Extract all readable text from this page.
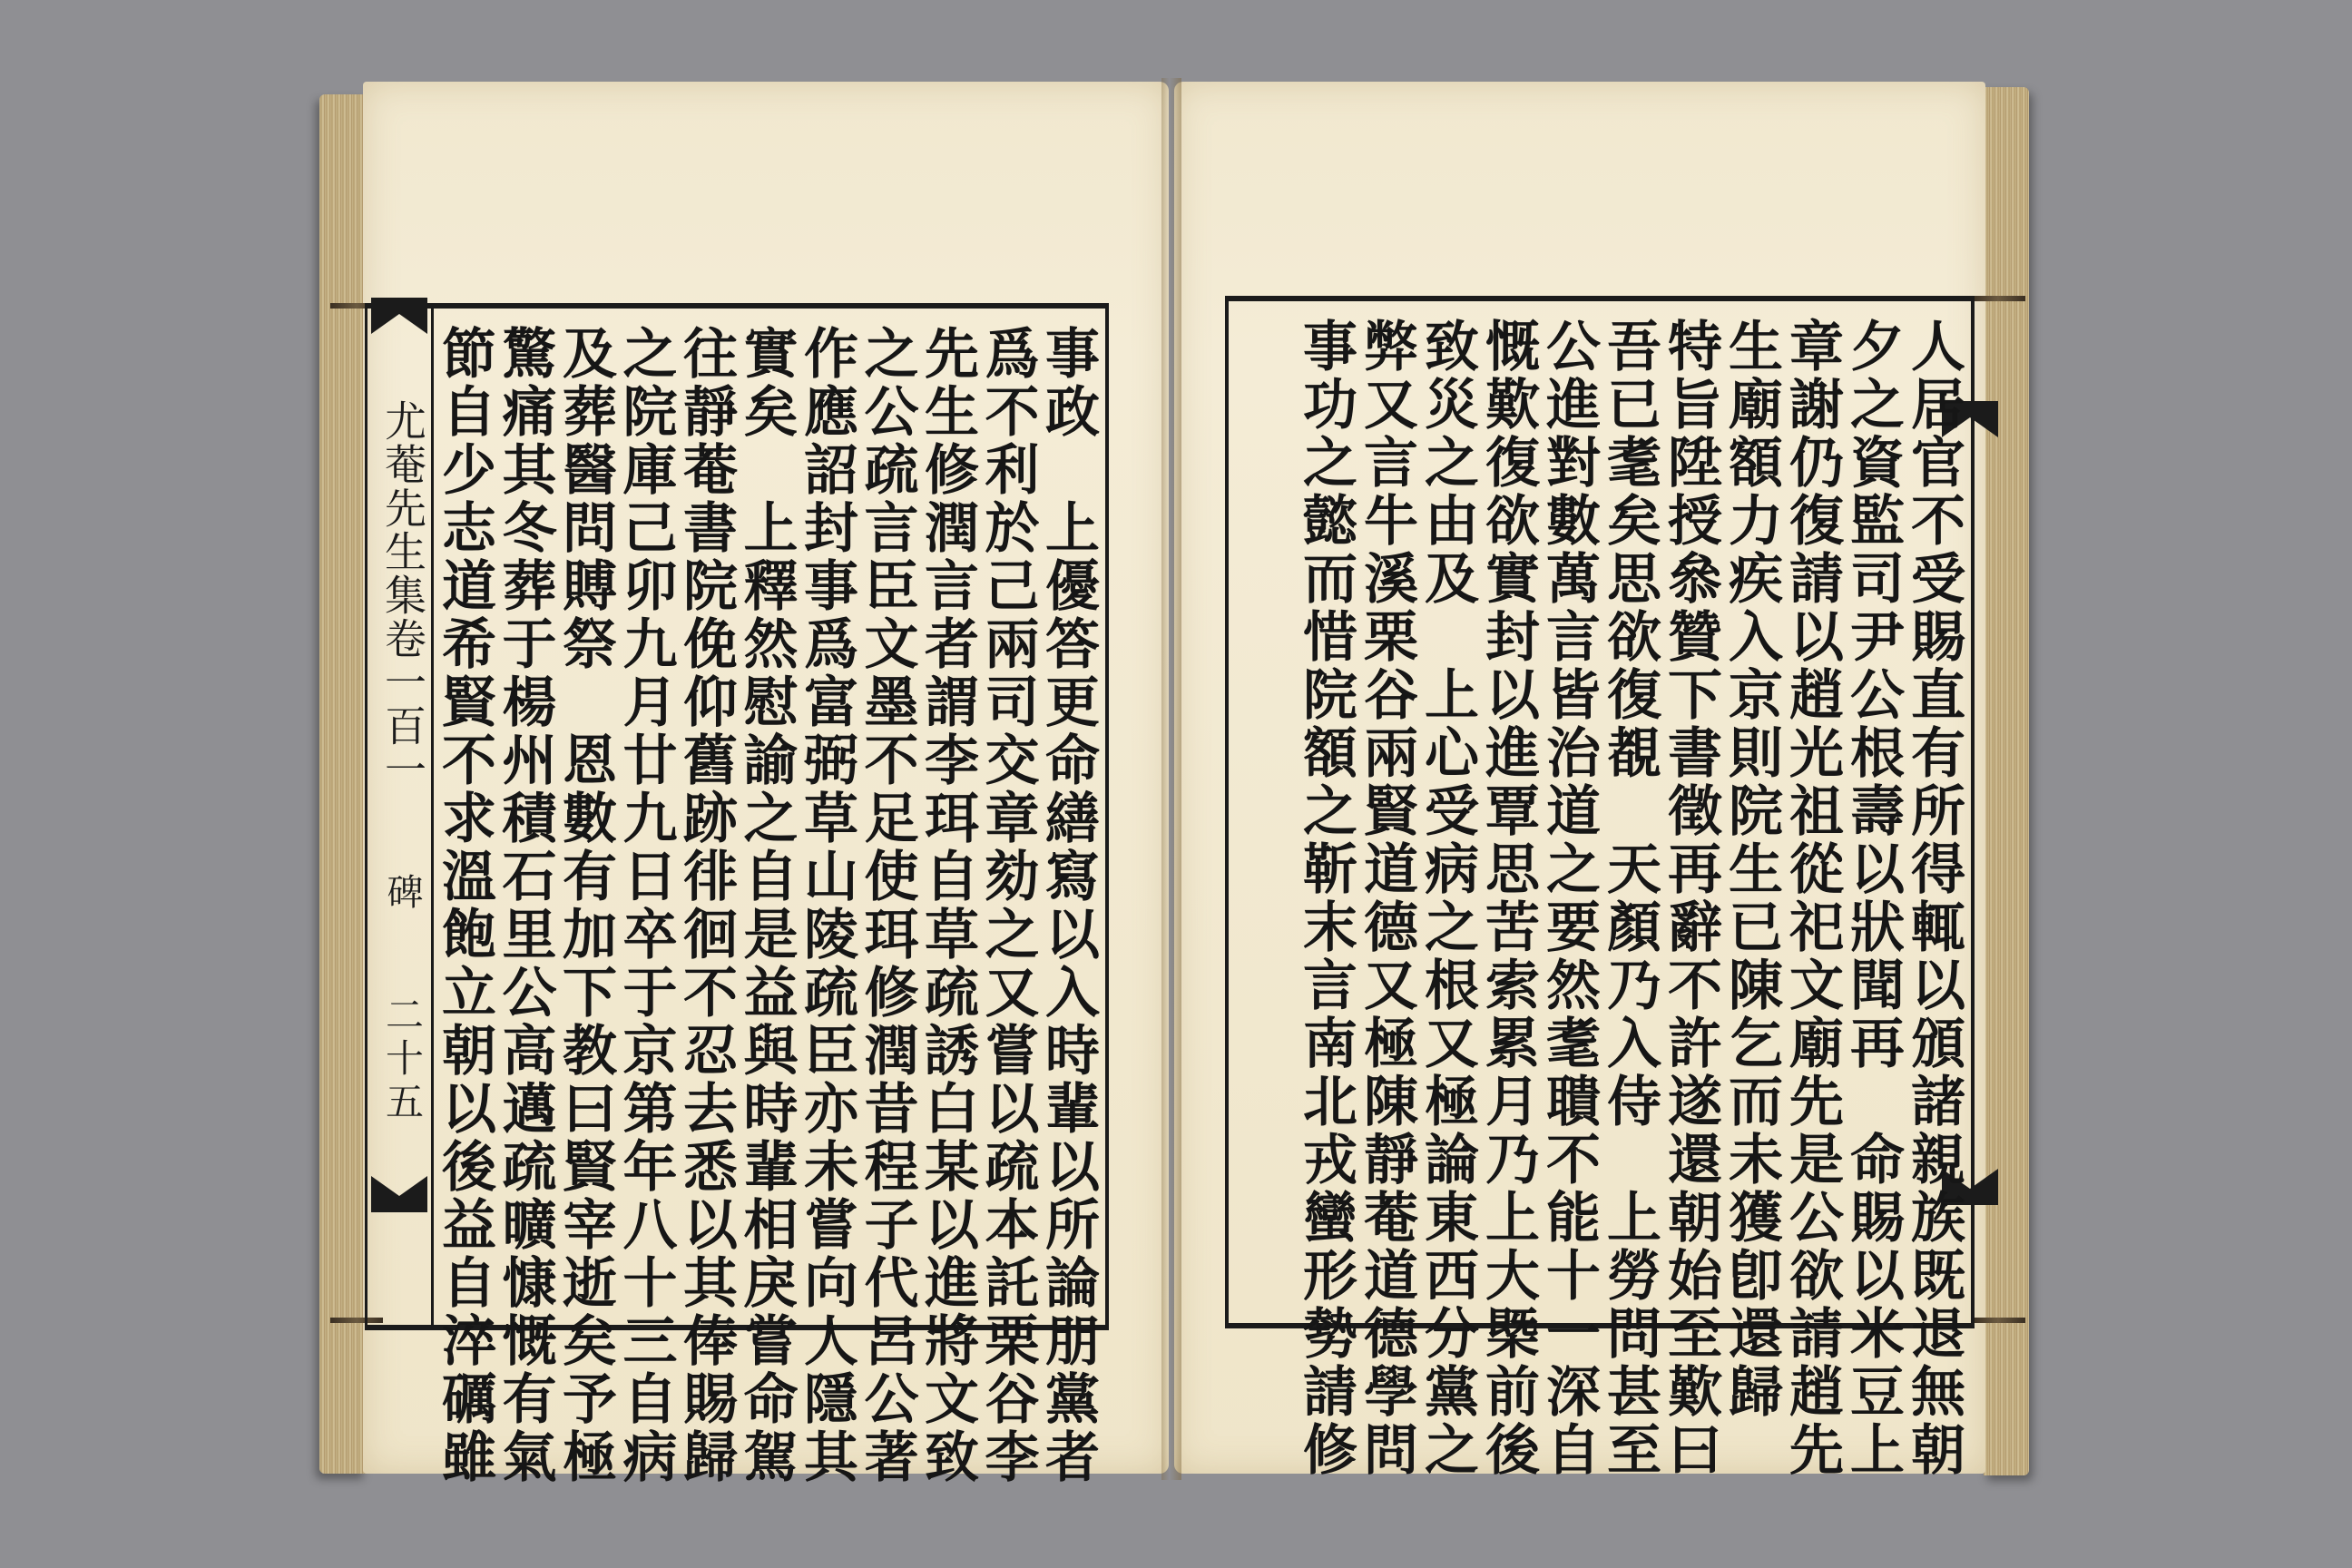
尤菴先生集卷一百一
碑
二十五	事政　上優答更命繕寫以入時輩以所論朋黨者
爲不利於己兩司交章劾之又嘗以疏本託栗谷李
先生修潤言者謂李珥自草疏誘白某以進將文致
之公疏言臣文墨不足使珥修潤昔程子代呂公著
作應詔封事爲富弼草山陵疏臣亦未嘗向人隱其
實矣　上釋然慰諭之自是益與時輩相戾嘗命駕
往靜菴書院俛仰舊跡徘徊不忍去悉以其俸賜歸
之院庫己卯九月廿九日卒于京第年八十三自病
及葬醫問賻祭　恩數有加下教曰賢宰逝矣予極
驚痛其冬葬于楊州積石里公高邁疏曠慷慨有氣
節自少志道希賢不求溫飽立朝以後益自淬礪雖	人居官不受賜直有所得輒以頒諸親族既退無朝
夕之資監司尹公根壽以狀聞再　命賜以米豆上
章謝仍復請以趙光祖從祀文廟先是公欲請趙先
生廟額力疾入京則院生已陳乞而未獲卽還歸
特旨陞授叅贊下書徵再辭不許遂還朝始至歎曰
吾已耄矣思欲復覩　天顏乃入侍　上勞問甚至
公進對數萬言皆治道之要然耄聵不能十一深自
慨歎復欲實封以進覃思苦索累月乃上大槩前後
致災之由及　上心受病之根又極論東西分黨之
弊又言牛溪栗谷兩賢道德又極陳靜菴道德學問
事功之懿而惜院額之靳末言南北戎蠻形勢請修
